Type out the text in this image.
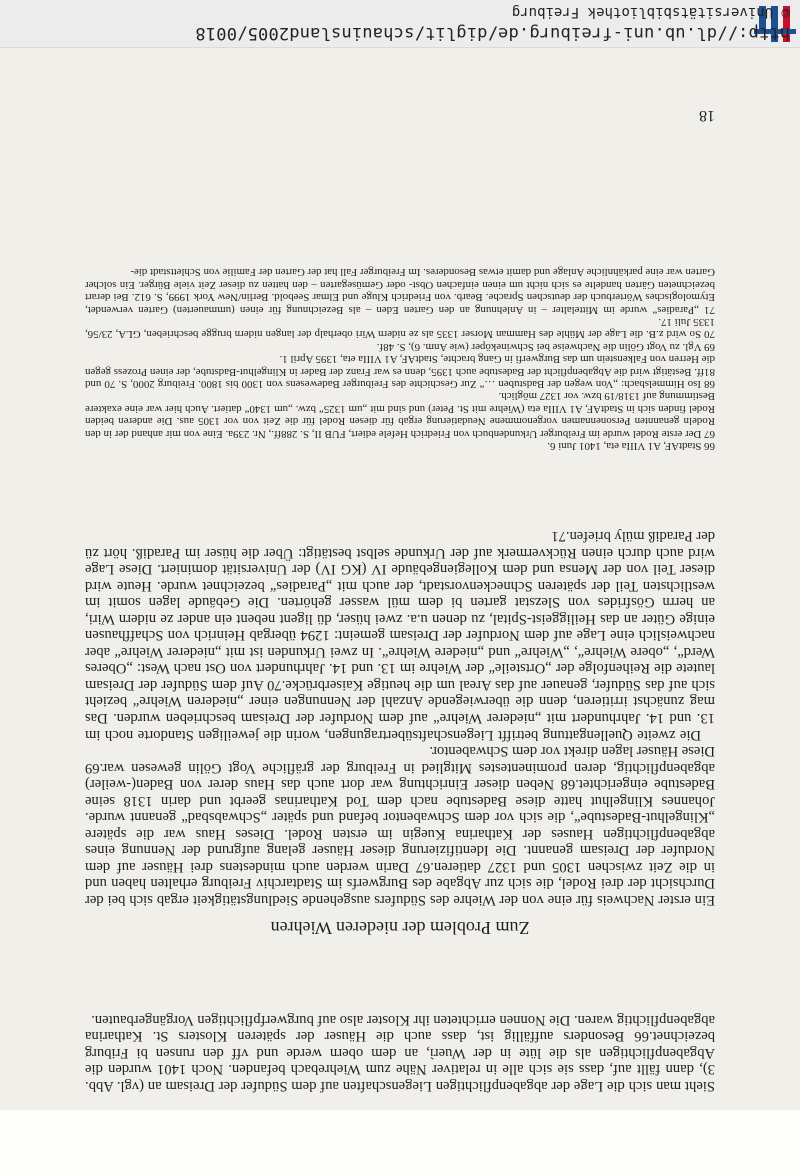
Sieht man sich die Lage der abgabenpflichtigen Liegenschaften auf dem Südufer der Dreisam an (vgl. Abb. 3), dann fällt auf, dass sie sich alle in relativer Nähe zum Wiehrebach befanden. Noch 1401 wurden die Abgabenpflichtigen als die lüte in der Wuerì, an dem obern werde und vff den runsen bi Friburg bezeichnet.66 Besonders auffällig ist, dass auch die Häuser der späteren Klosters St. Katharina abgabenpflichtig waren. Die Nonnen errichteten ihr Kloster also auf burgwerfpflichtigen Vorgängerbauten.

Zum Problem der niederen Wiehren

Ein erster Nachweis für eine von der Wiehre des Südufers ausgehende Siedlungstätigkeit ergab sich bei der Durchsicht der drei Rodel, die sich zur Abgabe des Burgwerfs im Stadtarchiv Freiburg erhalten haben und in die Zeit zwischen 1305 und 1327 datieren.67 Darin werden auch mindestens drei Häuser auf dem Nordufer der Dreisam genannt. Die Identifizierung dieser Häuser gelang aufgrund der Nennung eines abgabenpflichtigen Hauses der Katharina Kuegin im ersten Rodel. Dieses Haus war die spätere „Klingelhut-Badestube“, die sich vor dem Schwabentor befand und später „Schwabsbad“ genannt wurde. Johannes Klingelhut hatte diese Badestube nach dem Tod Katharinas geerbt und darin 1318 seine Badestube eingerichtet.68 Neben dieser Einrichtung war dort auch das Haus derer von Baden(-weiler) abgabenpflichtig, deren prominentestes Mitglied in Freiburg der gräfliche Vogt Gölin gewesen war.69 Diese Häuser lagen direkt vor dem Schwabentor.

Die zweite Quellengattung betrifft Liegenschaftsübertragungen, worin die jeweiligen Standorte noch im 13. und 14. Jahrhundert mit „niederer Wiehre“ auf dem Nordufer der Dreisam beschrieben wurden. Das mag zunächst irritieren, denn die überwiegende Anzahl der Nennungen einer „niederen Wiehre“ bezieht sich auf das Südufer, genauer auf das Areal um die heutige Kaiserbrücke.70 Auf dem Südufer der Dreisam lautete die Reihenfolge der „Ortsteile“ der Wiehre im 13. und 14. Jahrhundert von Ost nach West: „Oberes Werd“, „obere Wiehre“, „Wiehre“ und „niedere Wiehre“. In zwei Urkunden ist mit „niederer Wiehre“ aber nachweislich eine Lage auf dem Nordufer der Dreisam gemeint: 1294 übergab Heinrich von Schaffhausen einige Güter an das Heiliggeist-Spital, zu denen u.a. zwei hüser, dü ligent nebent ein ander ze nidern Wiri, an herrn Gösfrides von Slezstat garten bi dem mül wasser gehörten. Die Gebäude lagen somit im westlichsten Teil der späteren Schneckenvorstadt, der auch mit „Paradies“ bezeichnet wurde. Heute wird dieser Teil von der Mensa und dem Kollegiengebäude IV (KG IV) der Universität dominiert. Diese Lage wird auch durch einen Rückvermerk auf der Urkunde selbst bestätigt: Über die hüser im Paradiß. hört zü der Paradiß müly briefen.71

66 StadtAF, A1 VIIIa eta, 1401 Juni 6.

67 Der erste Rodel wurde im Freiburger Urkundenbuch von Friedrich Hefele ediert, FUB II, S. 288ff., Nr. 239a. Eine von mir anhand der in den Rodeln genannten Personennamen vorgenommene Neudatierung ergab für diesen Rodel für die Zeit von vor 1305 aus. Die anderen beiden Rodel finden sich in StadtAF, A1 VIIIa eta (Wiehre mit St. Peter) und sind mit „um 1325“ bzw. „um 1340“ datiert. Auch hier war eine exaktere Bestimmung auf 1318/19 bzw. vor 1327 möglich.

68 Iso Himmelsbach: „Von wegen der Badstuben …“ Zur Geschichte des Freiburger Badewesens von 1300 bis 1800. Freiburg 2000, S. 70 und 81ff. Bestätigt wird die Abgabenpflicht der Badestube auch 1395, denn es war Franz der Bader in Klingelhut-Badstube, der einen Prozess gegen die Herren von Falkenstein um das Burgwerfi in Gang brachte, StadtAF, A1 VIIIa eta, 1395 April 1.

69 Vgl. zu Vogt Gölin die Nachweise bei Schwineköper (wie Anm. 6), S. 48f.

70 So wird z.B. die Lage der Mühle des Hamman Morser 1335 als ze nidern Wiri oberhalp der langen nidern brugge beschrieben, GLA, 23/56, 1335 Juli 17.

71 „Paradies“ wurde im Mittelalter – in Anlehnung an den Garten Eden – als Bezeichnung für einen (ummauerten) Garten verwendet, Etymologisches Wörterbuch der deutschen Sprache. Bearb. von Friedrich Kluge und Elmar Seebold. Berlin/New York 1999, S. 612. Bei derart bezeichneten Gärten handelte es sich nicht um einen einfachen Obst- oder Gemüsegarten – den hatten zu dieser Zeit viele Bürger. Ein solcher Garten war eine parkähnliche Anlage und damit etwas Besonderes. Im Freiburger Fall hat der Garten der Familie von Schlettstadt die-

18
http://dl.ub.uni-freiburg.de/diglit/schauinsland2005/0018
© Universitätsbibliothek Freiburg
